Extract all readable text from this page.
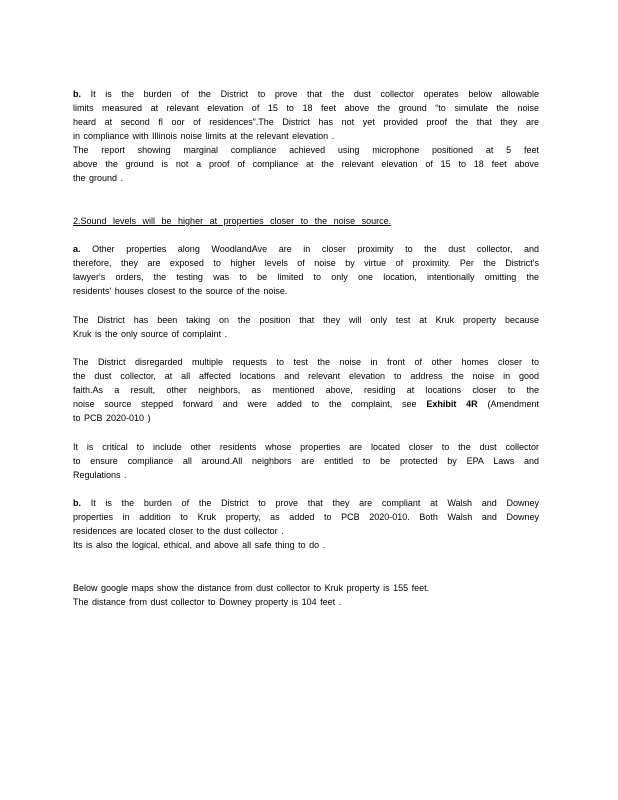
b. It is the burden of the District to prove that the dust collector operates below allowable
limits measured at relevant elevation of 15 to 18 feet above the ground “to simulate the noise
heard at second fl oor of residences”.The District has not yet provided proof the that they are
in compliance with Illinois noise limits at the relevant elevation .
The report showing marginal compliance achieved using microphone positioned at 5 feet
above the ground is not a proof of compliance at the relevant elevation of 15 to 18 feet above
the ground .
2.Sound levels will be higher at properties closer to the noise source.
a. Other properties along WoodlandAve are in closer proximity to the dust collector, and
therefore, they are exposed to higher levels of noise by virtue of proximity. Per the District's
lawyer's orders, the testing was to be limited to only one location, intentionally omitting the
residents' houses closest to the source of the noise.
The District has been taking on the position that they will only test at Kruk property because
Kruk is the only source of complaint .
The District disregarded multiple requests to test the noise in front of other homes closer to
the dust collector, at all affected locations and relevant elevation to address the noise in good
faith.As a result, other neighbors, as mentioned above, residing at locations closer to the
noise source stepped forward and were added to the complaint, see Exhibit 4R (Amendment
to PCB 2020-010 )
It is critical to include other residents whose properties are located closer to the dust collector
to ensure compliance all around.All neighbors are entitled to be protected by EPA Laws and
Regulations .
b. It is the burden of the District to prove that they are compliant at Walsh and Downey
properties in addition to Kruk property, as added to PCB 2020-010. Both Walsh and Downey
residences are located closer to the dust collector .
Its is also the logical, ethical, and above all safe thing to do .
Below google maps show the distance from dust collector to Kruk property is 155 feet.
The distance from dust collector to Downey property is 104 feet .
